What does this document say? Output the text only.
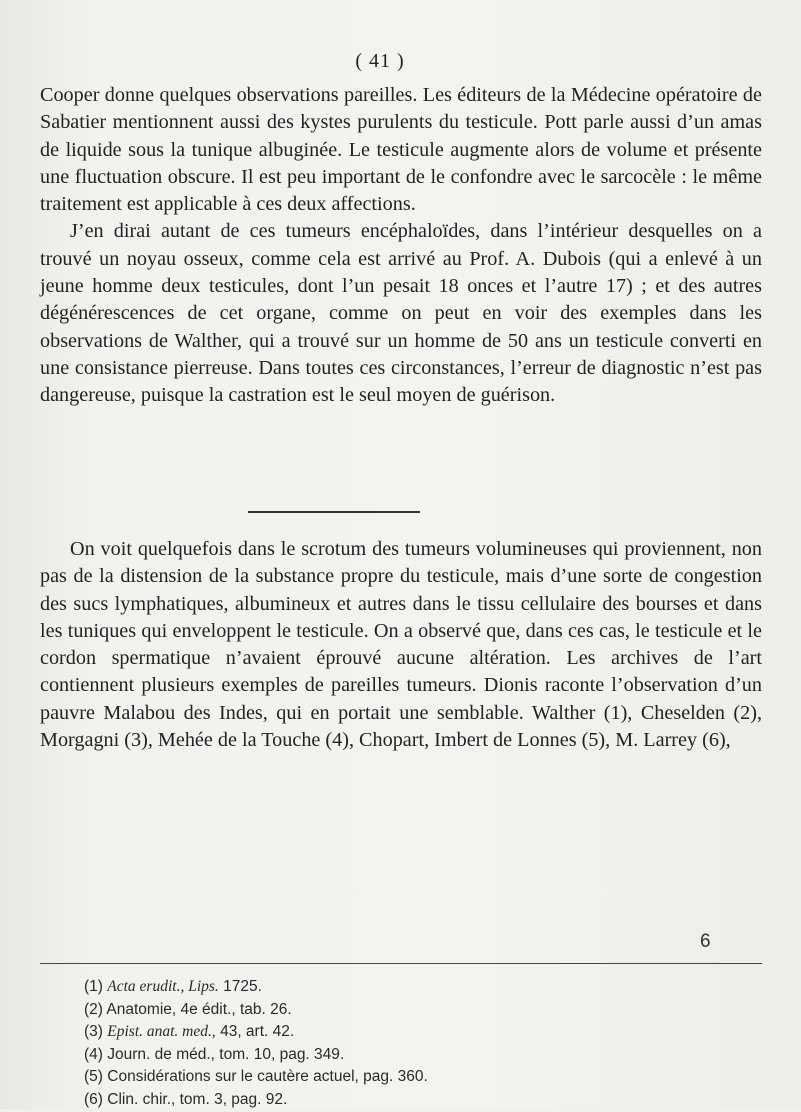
( 41 )

Cooper donne quelques observations pareilles. Les éditeurs de la Médecine opératoire de Sabatier mentionnent aussi des kystes purulents du testicule. Pott parle aussi d’un amas de liquide sous la tunique albuginée. Le testicule augmente alors de volume et présente une fluctuation obscure. Il est peu important de le confondre avec le sarcocèle : le même traitement est applicable à ces deux affections.

J’en dirai autant de ces tumeurs encéphaloïdes, dans l’intérieur desquelles on a trouvé un noyau osseux, comme cela est arrivé au Prof. A. Dubois (qui a enlevé à un jeune homme deux testicules, dont l’un pesait 18 onces et l’autre 17) ; et des autres dégénérescences de cet organe, comme on peut en voir des exemples dans les observations de Walther, qui a trouvé sur un homme de 50 ans un testicule converti en une consistance pierreuse. Dans toutes ces circonstances, l’erreur de diagnostic n’est pas dangereuse, puisque la castration est le seul moyen de guérison.

On voit quelquefois dans le scrotum des tumeurs volumineuses qui proviennent, non pas de la distension de la substance propre du testicule, mais d’une sorte de congestion des sucs lymphatiques, albumineux et autres dans le tissu cellulaire des bourses et dans les tuniques qui enveloppent le testicule. On a observé que, dans ces cas, le testicule et le cordon spermatique n’avaient éprouvé aucune altération. Les archives de l’art contiennent plusieurs exemples de pareilles tumeurs. Dionis raconte l’observation d’un pauvre Malabou des Indes, qui en portait une semblable. Walther (1), Cheselden (2), Morgagni (3), Mehée de la Touche (4), Chopart, Imbert de Lonnes (5), M. Larrey (6),

(1) Acta erudit., Lips. 1725.
(2) Anatomie, 4e édit., tab. 26.
(3) Epist. anat. med., 43, art. 42.
(4) Journ. de méd., tom. 10, pag. 349.
(5) Considérations sur le cautère actuel, pag. 360.
(6) Clin. chir., tom. 3, pag. 92.
6
